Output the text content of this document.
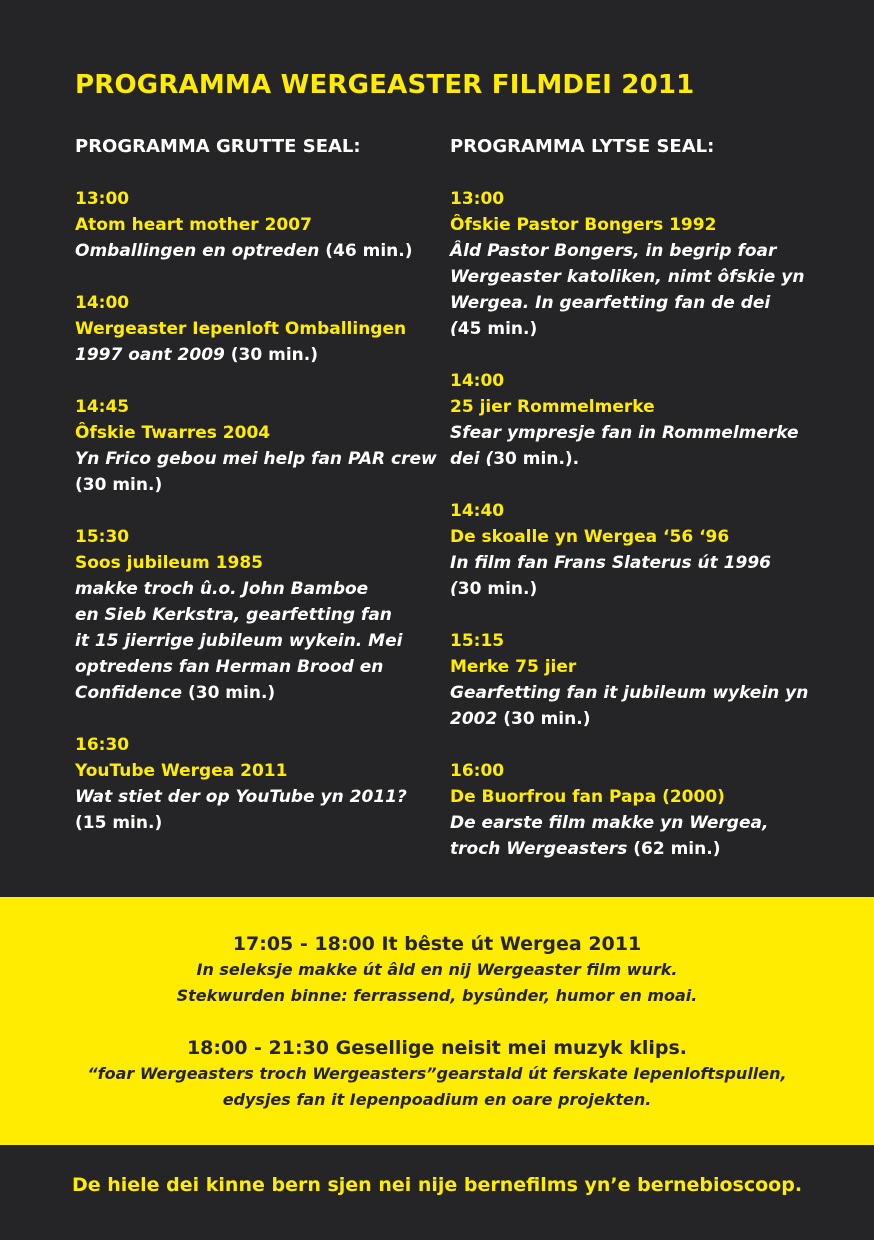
PROGRAMMA WERGEASTER FILMDEI 2011
PROGRAMMA GRUTTE SEAL:
13:00
Atom heart mother 2007
Omballingen en optreden (46 min.)
14:00
Wergeaster Iepenloft Omballingen
1997 oant 2009 (30 min.)
14:45
Ôfskie Twarres 2004
Yn Frico gebou mei help fan PAR crew
(30 min.)
15:30
Soos jubileum 1985
makke troch û.o. John Bamboe
en Sieb Kerkstra, gearfetting fan
it 15 jierrige jubileum wykein. Mei
optredens fan Herman Brood en
Confidence (30 min.)
16:30
YouTube Wergea 2011
Wat stiet der op YouTube yn 2011?
(15 min.)
PROGRAMMA LYTSE SEAL:
13:00
Ôfskie Pastor Bongers 1992
Âld Pastor Bongers, in begrip foar
Wergeaster katoliken, nimt ôfskie yn
Wergea. In gearfetting fan de dei
(45 min.)
14:00
25 jier Rommelmerke
Sfear ympresje fan in Rommelmerke
dei (30 min.).
14:40
De skoalle yn Wergea ‘56 ‘96
In film fan Frans Slaterus út 1996
(30 min.)
15:15
Merke 75 jier
Gearfetting fan it jubileum wykein yn
2002 (30 min.)
16:00
De Buorfrou fan Papa (2000)
De earste film makke yn Wergea,
troch Wergeasters (62 min.)
17:05 - 18:00 It bêste út Wergea 2011
In seleksje makke út âld en nij Wergeaster film wurk.
Stekwurden binne: ferrassend, bysûnder, humor en moai.
18:00 - 21:30 Gesellige neisit mei muzyk klips.
“foar Wergeasters troch Wergeasters”gearstald út ferskate Iepenloftspullen,
edysjes fan it Iepenpoadium en oare projekten.
De hiele dei kinne bern sjen nei nije bernefilms yn’e bernebioscoop.
